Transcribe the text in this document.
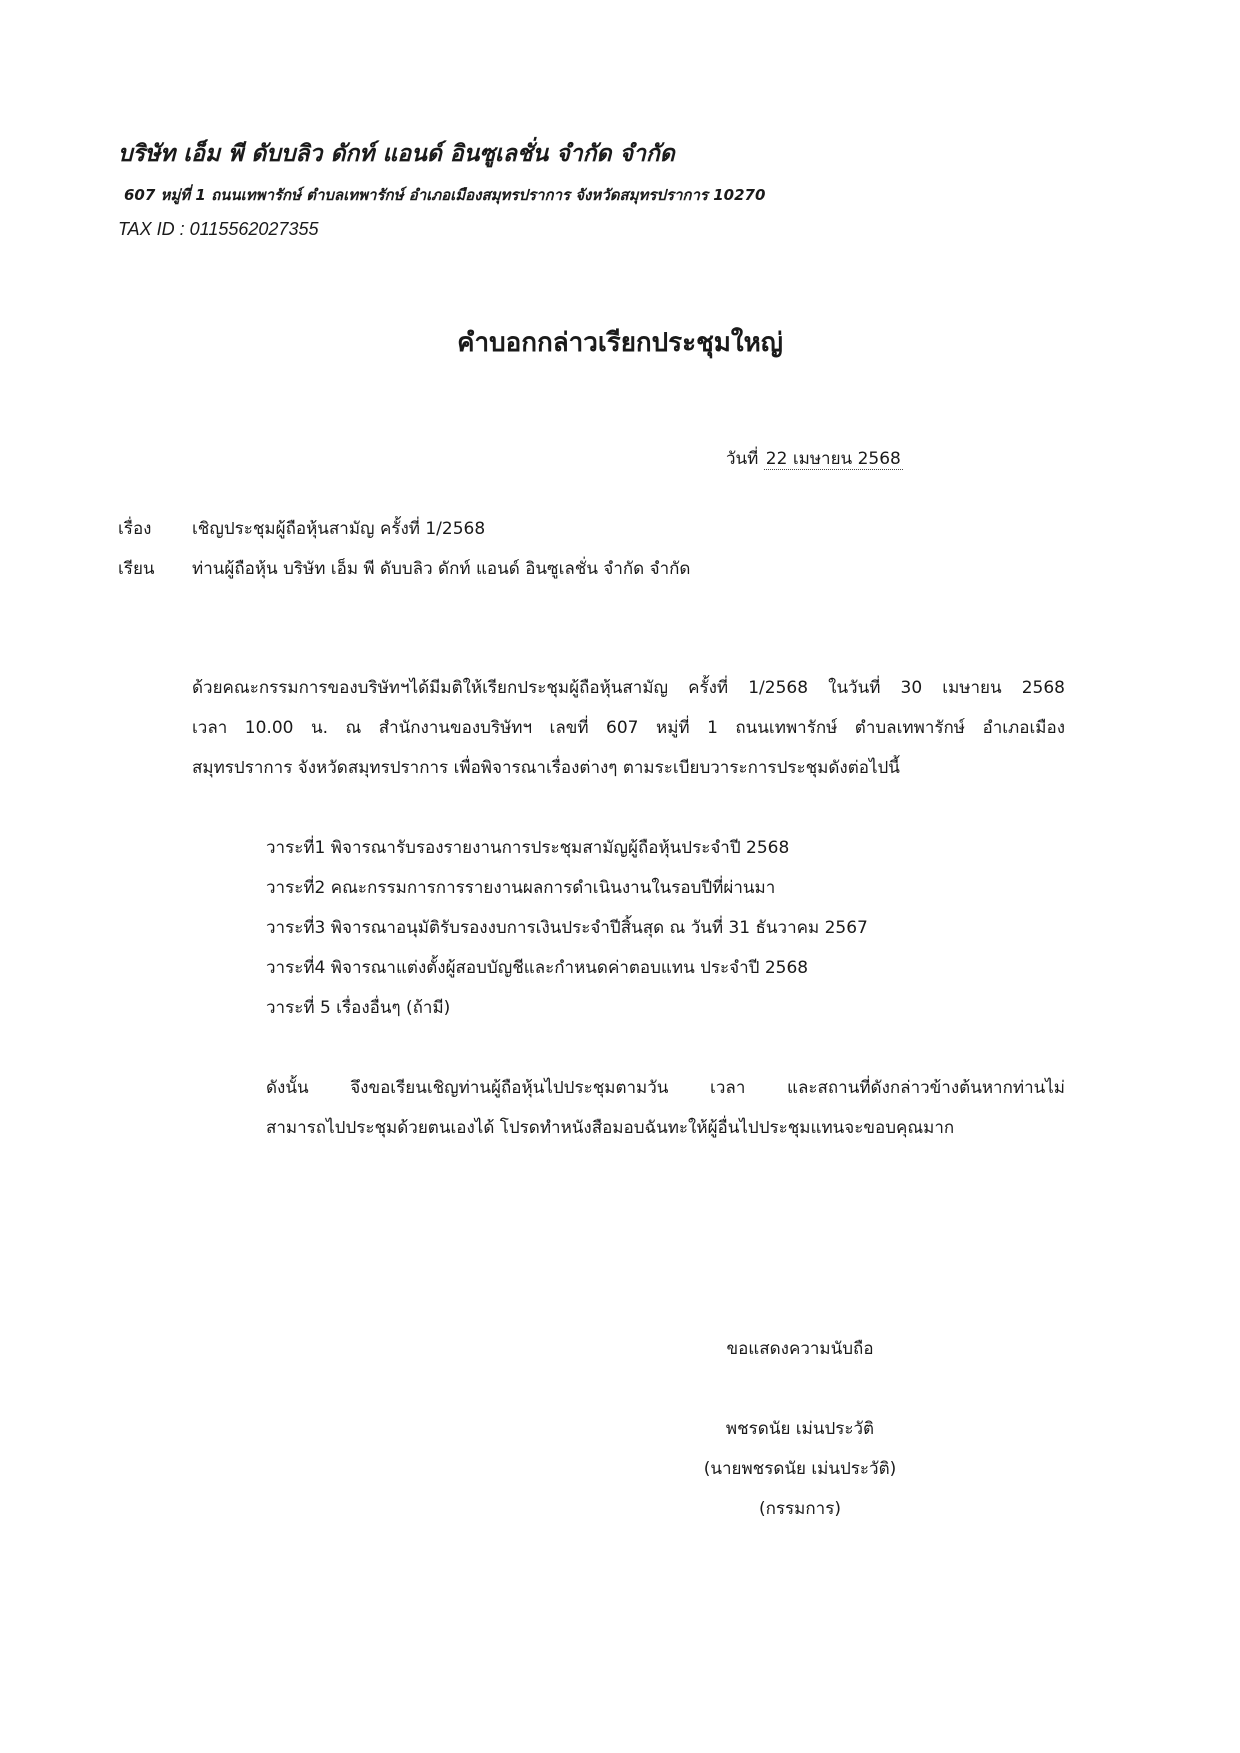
บริษัท เอ็ม พี ดับบลิว ดักท์ แอนด์ อินซูเลชั่น จำกัด จำกัด
607 หมู่ที่ 1 ถนนเทพารักษ์ ตำบลเทพารักษ์ อำเภอเมืองสมุทรปราการ จังหวัดสมุทรปราการ 10270
TAX ID : 0115562027355
คำบอกกล่าวเรียกประชุมใหญ่
วันที่ 22 เมษายน 2568
เรื่อง เชิญประชุมผู้ถือหุ้นสามัญ ครั้งที่ 1/2568
เรียน ท่านผู้ถือหุ้น บริษัท เอ็ม พี ดับบลิว ดักท์ แอนด์ อินซูเลชั่น จำกัด จำกัด
ด้วยคณะกรรมการของบริษัทฯได้มีมติให้เรียกประชุมผู้ถือหุ้นสามัญ ครั้งที่ 1/2568 ในวันที่ 30 เมษายน 2568
เวลา 10.00 น. ณ สำนักงานของบริษัทฯ เลขที่ 607 หมู่ที่ 1 ถนนเทพารักษ์ ตำบลเทพารักษ์ อำเภอเมือง
สมุทรปราการ จังหวัดสมุทรปราการ เพื่อพิจารณาเรื่องต่างๆ ตามระเบียบวาระการประชุมดังต่อไปนี้
วาระที่1 พิจารณารับรองรายงานการประชุมสามัญผู้ถือหุ้นประจำปี 2568
วาระที่2 คณะกรรมการการรายงานผลการดำเนินงานในรอบปีที่ผ่านมา
วาระที่3 พิจารณาอนุมัติรับรองงบการเงินประจำปีสิ้นสุด ณ วันที่ 31 ธันวาคม 2567
วาระที่4 พิจารณาแต่งตั้งผู้สอบบัญชีและกำหนดค่าตอบแทน ประจำปี 2568
วาระที่ 5 เรื่องอื่นๆ (ถ้ามี)
ดังนั้น จึงขอเรียนเชิญท่านผู้ถือหุ้นไปประชุมตามวัน เวลา และสถานที่ดังกล่าวข้างต้นหากท่านไม่
สามารถไปประชุมด้วยตนเองได้ โปรดทำหนังสือมอบฉันทะให้ผู้อื่นไปประชุมแทนจะขอบคุณมาก
ขอแสดงความนับถือ
พชรดนัย เม่นประวัติ
(นายพชรดนัย เม่นประวัติ)
(กรรมการ)
